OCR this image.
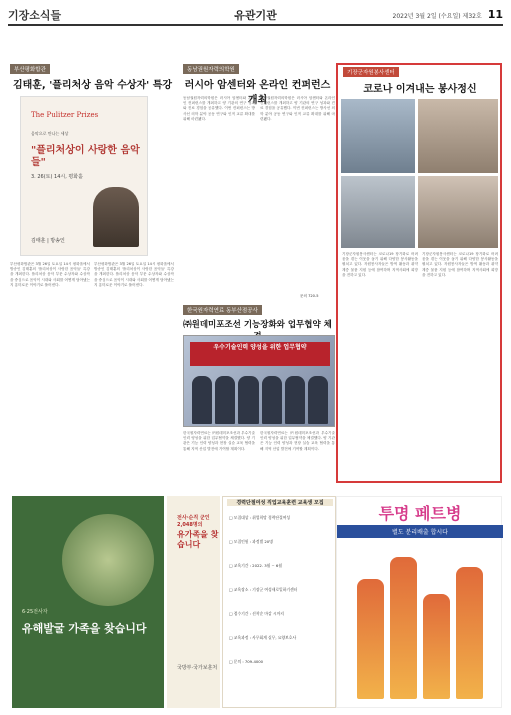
기장소식들	유관기관	2022년 3월 2일 (수요일) 제32호 11
부산평화합관
김태훈, '플리처상 음악 수상자' 특강
The Pulitzer Prizes
음악으로 만나는 세상
"플리처상이 사랑한 음악들"
3. 26(토) 14시, 평화홀
김태훈 | 방송인
부산평화합관은 3월 26일 토요일 14시 평화홀에서 방송인 김태훈의 '플리처상이 사랑한 음악들' 특강을 개최한다. 플리처상 음악 부문 수상자와 수상작을 중심으로 음악이 시대와 사회를 어떻게 담아냈는지 흥미로운 이야기로 풀어낸다.
부산평화합관은 3월 26일 토요일 14시 평화홀에서 방송인 김태훈의 '플리처상이 사랑한 음악들' 특강을 개최한다. 플리처상 음악 부문 수상자와 수상작을 중심으로 음악이 시대와 사회를 어떻게 담아냈는지 흥미로운 이야기로 풀어낸다.
동남권원자력의학원
러시아 암센터와 온라인 컨퍼런스 개최
동남권원자력의학원은 러시아 암센터와 온라인 컨퍼런스를 개최하고 양 기관의 연구 성과와 진료 경험을 공유했다. 이번 컨퍼런스는 방사선 의학 분야 공동 연구와 인적 교류 확대를 위해 마련됐다.
동남권원자력의학원은 러시아 암센터와 온라인 컨퍼런스를 개최하고 양 기관의 연구 성과와 진료 경험을 공유했다. 이번 컨퍼런스는 방사선 의학 분야 공동 연구와 인적 교류 확대를 위해 마련됐다.
문의 720-5
한국원자력연료 동부산점공사
㈜원데미포조선 기능장화와 업무협약 체
우수기술인력 양성을 위한 업무협약
한국원자력연료는 ㈜원데미포조선과 우수기술인력 양성을 위한 업무협약을 체결했다. 양 기관은 기능 인력 양성과 현장 실습 교육 협력을 통해 지역 산업 발전에 기여할 계획이다.
한국원자력연료는 ㈜원데미포조선과 우수기술인력 양성을 위한 업무협약을 체결했다. 양 기관은 기능 인력 양성과 현장 실습 교육 협력을 통해 지역 산업 발전에 기여할 계획이다.
기장군자원봉사센터
코로나 이겨내는 봉사정신
기장군자원봉사센터는 코로나19 장기화로 어려움을 겪는 이웃을 돕기 위해 다양한 봉사활동을 펼치고 있다. 자원봉사자들은 방역 활동과 취약계층 물품 지원 등에 참여하며 지역사회에 희망을 전하고 있다.
기장군자원봉사센터는 코로나19 장기화로 어려움을 겪는 이웃을 돕기 위해 다양한 봉사활동을 펼치고 있다. 자원봉사자들은 방역 활동과 취약계층 물품 지원 등에 참여하며 지역사회에 희망을 전하고 있다.
6·25전사자
유해발굴 가족을 찾습니다
전사·순직 군인 2,048명의
유가족을 찾습니다
국방부·국가보훈처
경력단절여성 직업교육훈련 교육생 모집
□ 모집대상 : 취업희망 경력단절여성
□ 모집인원 : 과정별 20명
□ 교육기간 : 2022. 3월 ~ 6월
□ 교육장소 : 기장군 여성새로일하기센터
□ 접수기간 : 선착순 마감 시까지
□ 교육과정 : 사무회계 실무, 요양보호사
□ 문의 : 709-4000
투명 페트병
별도 분리배출 합시다
